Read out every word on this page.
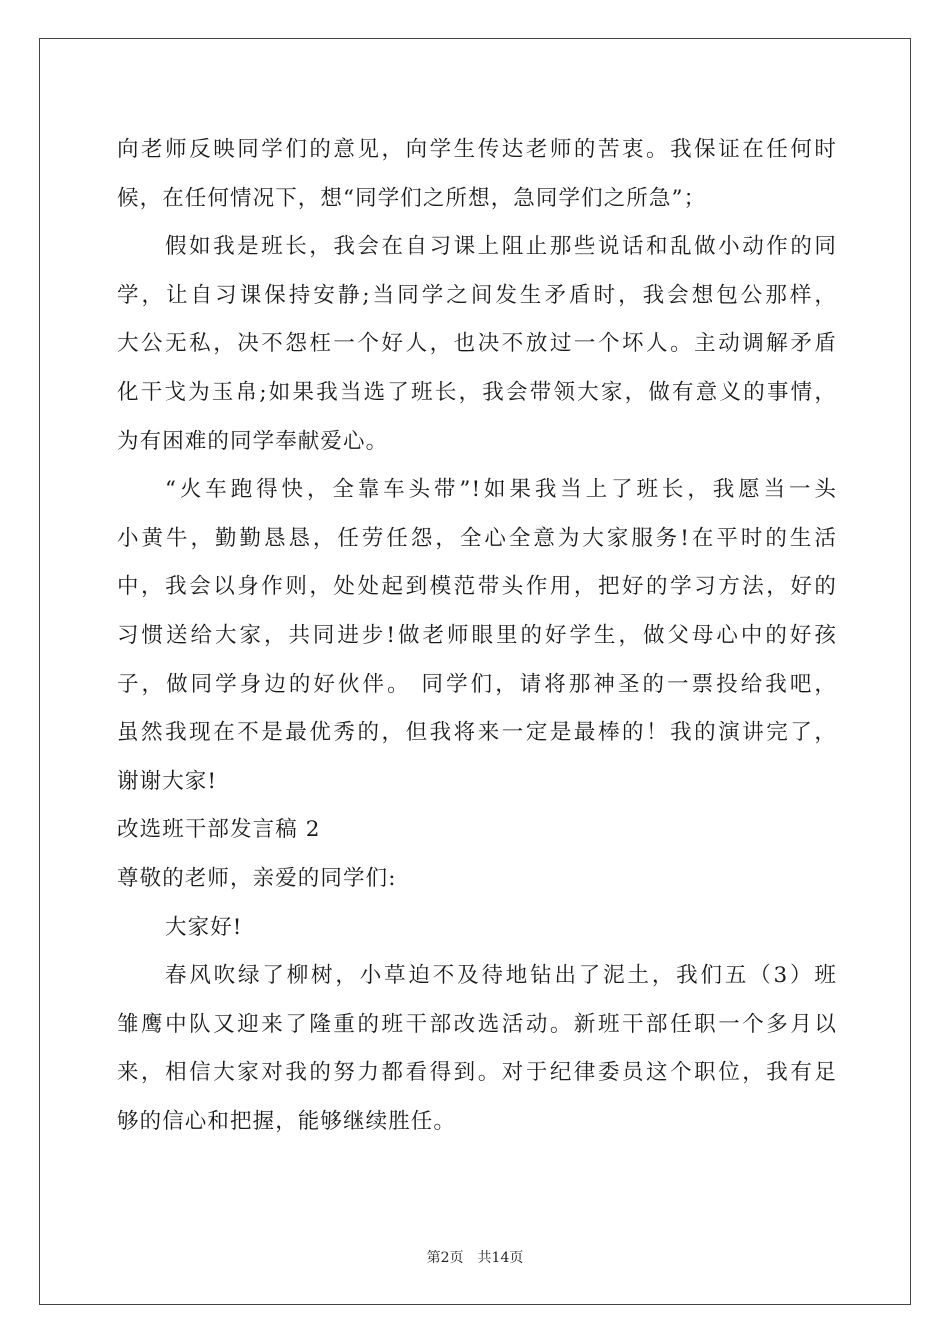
向老师反映同学们的意见，向学生传达老师的苦衷。我保证在任何时
候，在任何情况下，想“同学们之所想，急同学们之所急”；
假如我是班长，我会在自习课上阻止那些说话和乱做小动作的同
学，让自习课保持安静;当同学之间发生矛盾时，我会想包公那样，
大公无私，决不怨枉一个好人，也决不放过一个坏人。主动调解矛盾
化干戈为玉帛;如果我当选了班长，我会带领大家，做有意义的事情，
为有困难的同学奉献爱心。
“火车跑得快，全靠车头带”!如果我当上了班长，我愿当一头
小黄牛，勤勤恳恳，任劳任怨，全心全意为大家服务!在平时的生活
中，我会以身作则，处处起到模范带头作用，把好的学习方法，好的
习惯送给大家，共同进步!做老师眼里的好学生，做父母心中的好孩
子，做同学身边的好伙伴。 同学们，请将那神圣的一票投给我吧，
虽然我现在不是最优秀的，但我将来一定是最棒的！我的演讲完了，
谢谢大家!
改选班干部发言稿 2
尊敬的老师，亲爱的同学们:
大家好!
春风吹绿了柳树，小草迫不及待地钻出了泥土，我们五（3）班
雏鹰中队又迎来了隆重的班干部改选活动。新班干部任职一个多月以
来，相信大家对我的努力都看得到。对于纪律委员这个职位，我有足
够的信心和把握，能够继续胜任。
第2页　共14页
